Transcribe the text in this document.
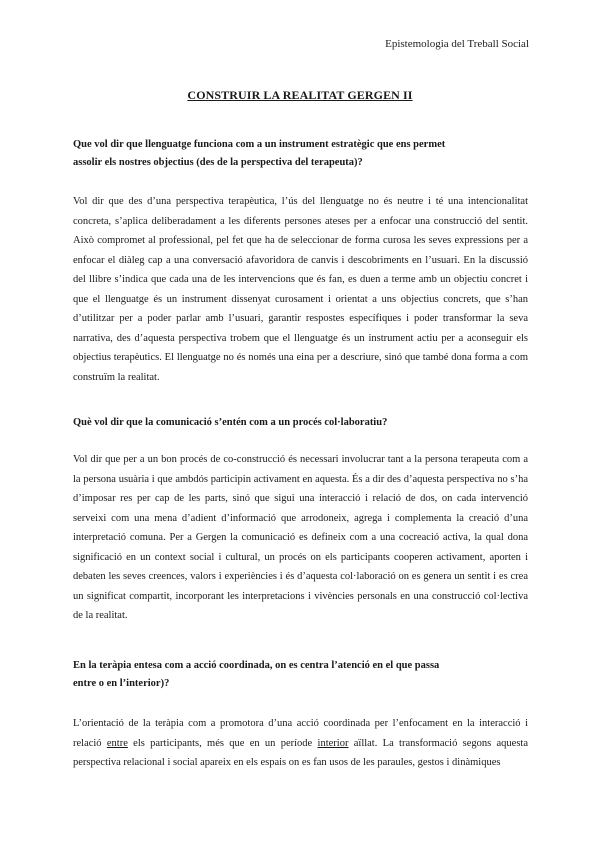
Epistemologia del Treball Social
CONSTRUIR LA REALITAT GERGEN II
Que vol dir que llenguatge funciona com a un instrument estratègic que ens permet
assolir els nostres objectius (des de la perspectiva del terapeuta)?
Vol dir que des d’una perspectiva terapèutica, l’ús del llenguatge no és neutre i té una intencionalitat concreta, s’aplica deliberadament a les diferents persones ateses per a enfocar una construcció del sentit. Això compromet al professional, pel fet que ha de seleccionar de forma curosa les seves expressions per a enfocar el diàleg cap a una conversació afavoridora de canvis i descobriments en l’usuari. En la discussió del llibre s’indica que cada una de les intervencions que és fan, es duen a terme amb un objectiu concret i que el llenguatge és un instrument dissenyat curosament i orientat a uns objectius concrets, que s’han d’utilitzar per a poder parlar amb l’usuari, garantir respostes específiques i poder transformar la seva narrativa, des d’aquesta perspectiva trobem que el llenguatge és un instrument actiu per a aconseguir els objectius terapèutics. El llenguatge no és només una eina per a descriure, sinó que també dona forma a com construïm la realitat.
Què vol dir que la comunicació s’entén com a un procés col·laboratiu?
Vol dir que per a un bon procés de co-construcció és necessari involucrar tant a la persona terapeuta com a la persona usuària i que ambdós participin activament en aquesta. És a dir des d’aquesta perspectiva no s’ha d’imposar res per cap de les parts, sinó que sigui una interacció i relació de dos, on cada intervenció serveixi com una mena d’adient d’informació que arrodoneix, agrega i complementa la creació d’una interpretació comuna. Per a Gergen la comunicació es defineix com a una cocreació activa, la qual dona significació en un context social i cultural, un procés on els participants cooperen activament, aporten i debaten les seves creences, valors i experiències i és d’aquesta col·laboració on es genera un sentit i es crea un significat compartit, incorporant les interpretacions i vivències personals en una construcció col·lectiva de la realitat.
En la teràpia entesa com a acció coordinada, on es centra l’atenció en el que passa
entre o en l’interior)?
L’orientació de la teràpia com a promotora d’una acció coordinada per l’enfocament en la interacció i relació entre els participants, més que en un període interior aïllat. La transformació segons aquesta perspectiva relacional i social apareix en els espais on es fan usos de les paraules, gestos i dinàmiques
